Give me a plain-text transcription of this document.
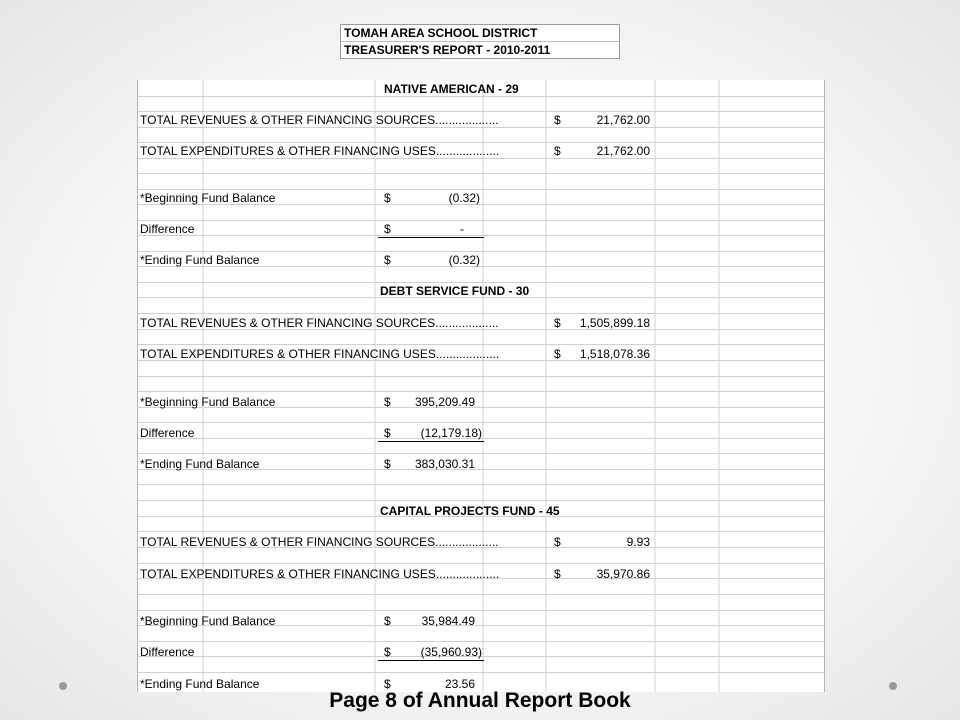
TOMAH AREA SCHOOL DISTRICT
TREASURER'S REPORT - 2010-2011
NATIVE AMERICAN - 29
TOTAL REVENUES & OTHER FINANCING SOURCES...................	$	21,762.00
TOTAL EXPENDITURES & OTHER FINANCING USES...................	$	21,762.00
*Beginning Fund Balance	$	(0.32)
Difference	$	-
*Ending Fund Balance	$	(0.32)
DEBT SERVICE FUND - 30
TOTAL REVENUES & OTHER FINANCING SOURCES...................	$ 1,505,899.18
TOTAL EXPENDITURES & OTHER FINANCING USES...................	$ 1,518,078.36
*Beginning Fund Balance	$ 395,209.49
Difference	$ (12,179.18)
*Ending Fund Balance	$ 383,030.31
CAPITAL PROJECTS FUND - 45
TOTAL REVENUES & OTHER FINANCING SOURCES...................	$	9.93
TOTAL EXPENDITURES & OTHER FINANCING USES...................	$	35,970.86
*Beginning Fund Balance	$	35,984.49
Difference	$ (35,960.93)
*Ending Fund Balance	$	23.56
Page 8 of Annual Report Book
